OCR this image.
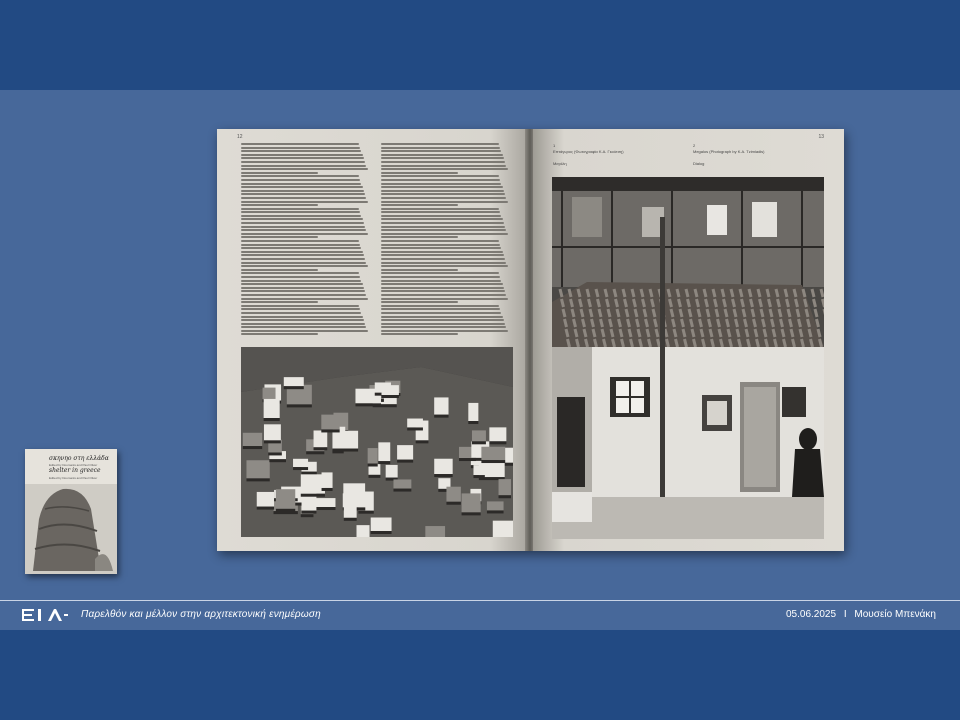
12	13
1
Επτάγυρος (Φωτογραφία Κ.Α. Γκούτση)
Μεγάλη
2
Megalos (Photograph by K.A. Tzimiadis)
Dialog
σκηνηο στη ελλάδα
Edited by Doumanis and Paul Oliver
shelter in greece
Edited by Doumanis and Paul Oliver
Παρελθόν και μέλλον στην αρχιτεκτονική ενημέρωση	05.06.2025 I Μουσείο Μπενάκη
